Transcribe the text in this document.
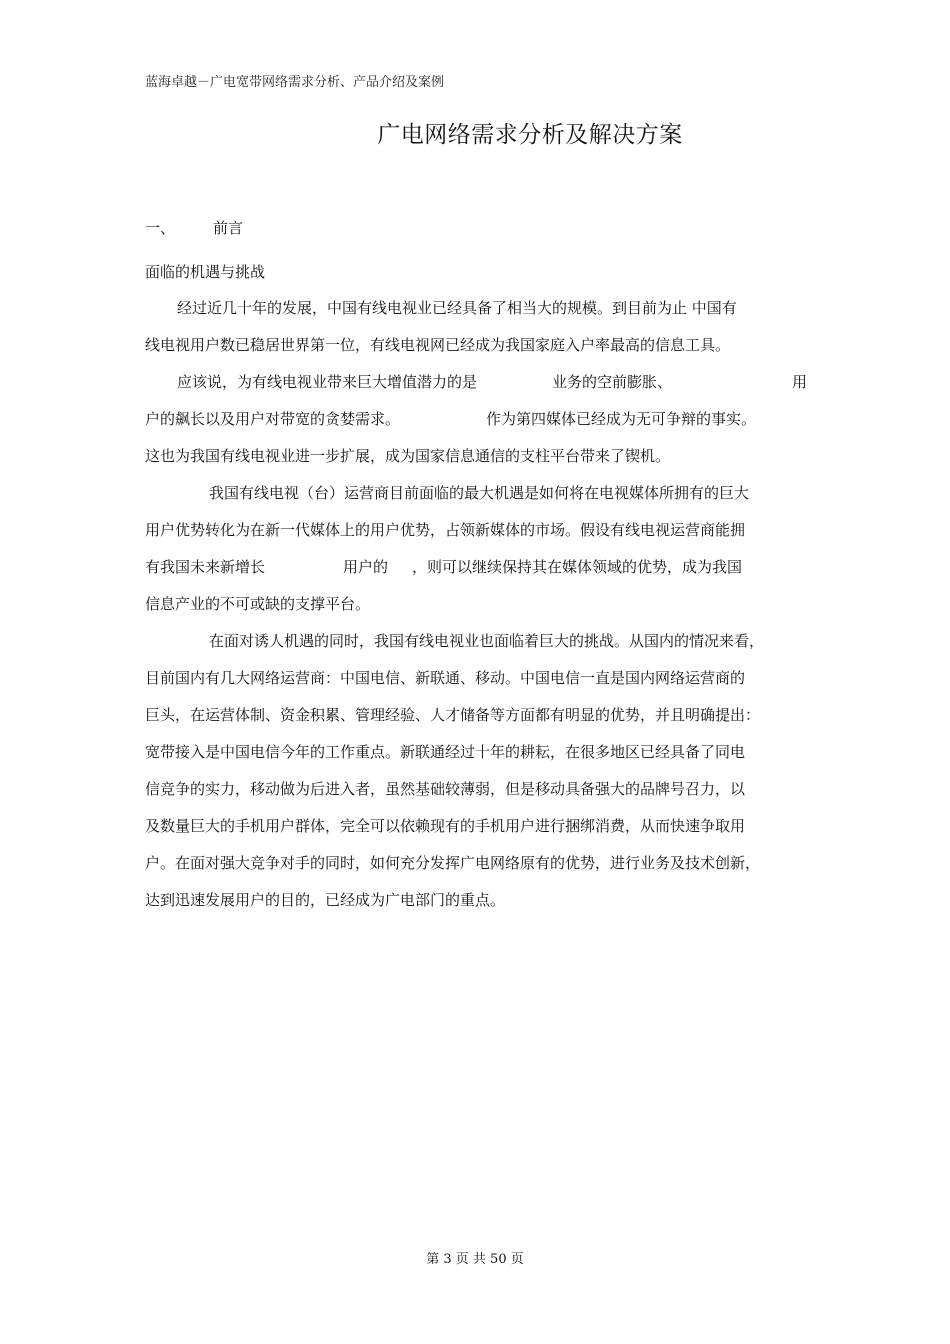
蓝海卓越－广电宽带网络需求分析、产品介绍及案例
广电网络需求分析及解决方案
一、	前言
面临的机遇与挑战
经过近几十年的发展，中国有线电视业已经具备了相当大的规模。到目前为止 中国有
线电视用户数已稳居世界第一位，有线电视网已经成为我国家庭入户率最高的信息工具。
应该说，为有线电视业带来巨大增值潜力的是	业务的空前膨胀、	用
户的飙长以及用户对带宽的贪婪需求。	作为第四媒体已经成为无可争辩的事实。
这也为我国有线电视业进一步扩展，成为国家信息通信的支柱平台带来了锲机。
我国有线电视（台）运营商目前面临的最大机遇是如何将在电视媒体所拥有的巨大
用户优势转化为在新一代媒体上的用户优势，占领新媒体的市场。假设有线电视运营商能拥
有我国未来新增长	用户的 ，则可以继续保持其在媒体领域的优势，成为我国
信息产业的不可或缺的支撑平台。
在面对诱人机遇的同时，我国有线电视业也面临着巨大的挑战。从国内的情况来看，
目前国内有几大网络运营商：中国电信、新联通、移动。中国电信一直是国内网络运营商的
巨头，在运营体制、资金积累、管理经验、人才储备等方面都有明显的优势，并且明确提出：
宽带接入是中国电信今年的工作重点。新联通经过十年的耕耘，在很多地区已经具备了同电
信竞争的实力，移动做为后进入者，虽然基础较薄弱，但是移动具备强大的品牌号召力，以
及数量巨大的手机用户群体，完全可以依赖现有的手机用户进行捆绑消费，从而快速争取用
户。在面对强大竞争对手的同时，如何充分发挥广电网络原有的优势，进行业务及技术创新，
达到迅速发展用户的目的，已经成为广电部门的重点。
第 3 页 共 50 页
